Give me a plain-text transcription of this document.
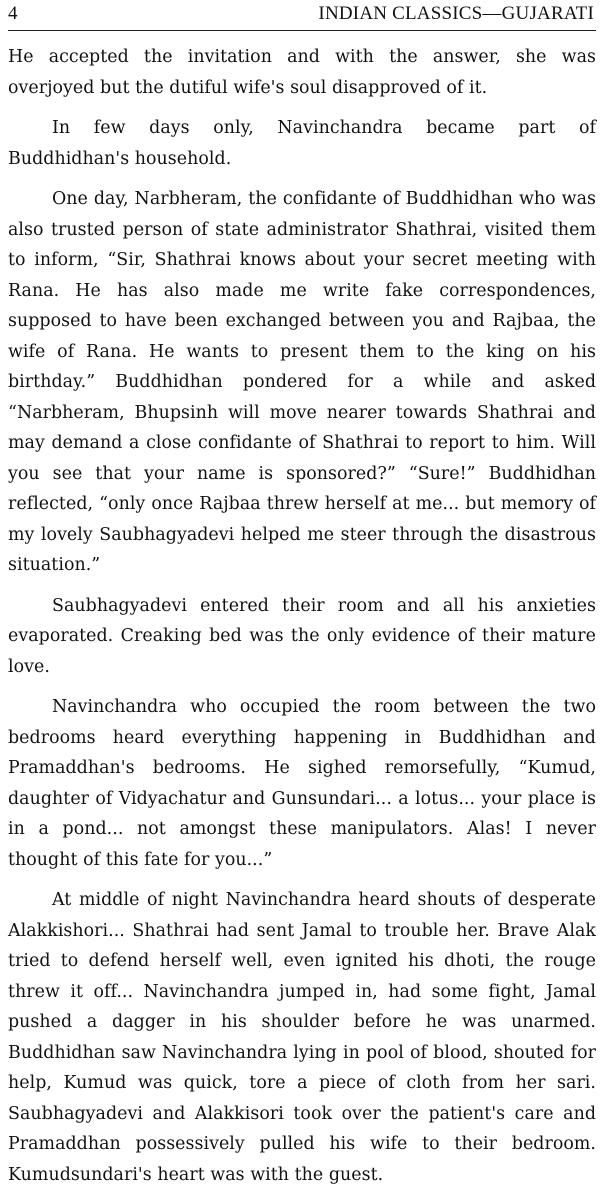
4	INDIAN CLASSICS—GUJARATI

He accepted the invitation and with the answer, she was overjoyed but the dutiful wife's soul disapproved of it.

In few days only, Navinchandra became part of Buddhidhan's household.

One day, Narbheram, the confidante of Buddhidhan who was also trusted person of state administrator Shathrai, visited them to inform, “Sir, Shathrai knows about your secret meeting with Rana. He has also made me write fake correspondences, supposed to have been exchanged between you and Rajbaa, the wife of Rana. He wants to present them to the king on his birthday.” Buddhidhan pondered for a while and asked “Narbheram, Bhupsinh will move nearer towards Shathrai and may demand a close confidante of Shathrai to report to him. Will you see that your name is sponsored?” “Sure!” Buddhidhan reflected, “only once Rajbaa threw herself at me... but memory of my lovely Saubhagyadevi helped me steer through the disastrous situation.”

Saubhagyadevi entered their room and all his anxieties evaporated. Creaking bed was the only evidence of their mature love.

Navinchandra who occupied the room between the two bedrooms heard everything happening in Buddhidhan and Pramaddhan's bedrooms. He sighed remorsefully, “Kumud, daughter of Vidyachatur and Gunsundari... a lotus... your place is in a pond... not amongst these manipulators. Alas! I never thought of this fate for you...”

At middle of night Navinchandra heard shouts of desperate Alakkishori... Shathrai had sent Jamal to trouble her. Brave Alak tried to defend herself well, even ignited his dhoti, the rouge threw it off... Navinchandra jumped in, had some fight, Jamal pushed a dagger in his shoulder before he was unarmed. Buddhidhan saw Navinchandra lying in pool of blood, shouted for help, Kumud was quick, tore a piece of cloth from her sari. Saubhagyadevi and Alakkisori took over the patient's care and Pramaddhan possessively pulled his wife to their bedroom. Kumudsundari's heart was with the guest.
